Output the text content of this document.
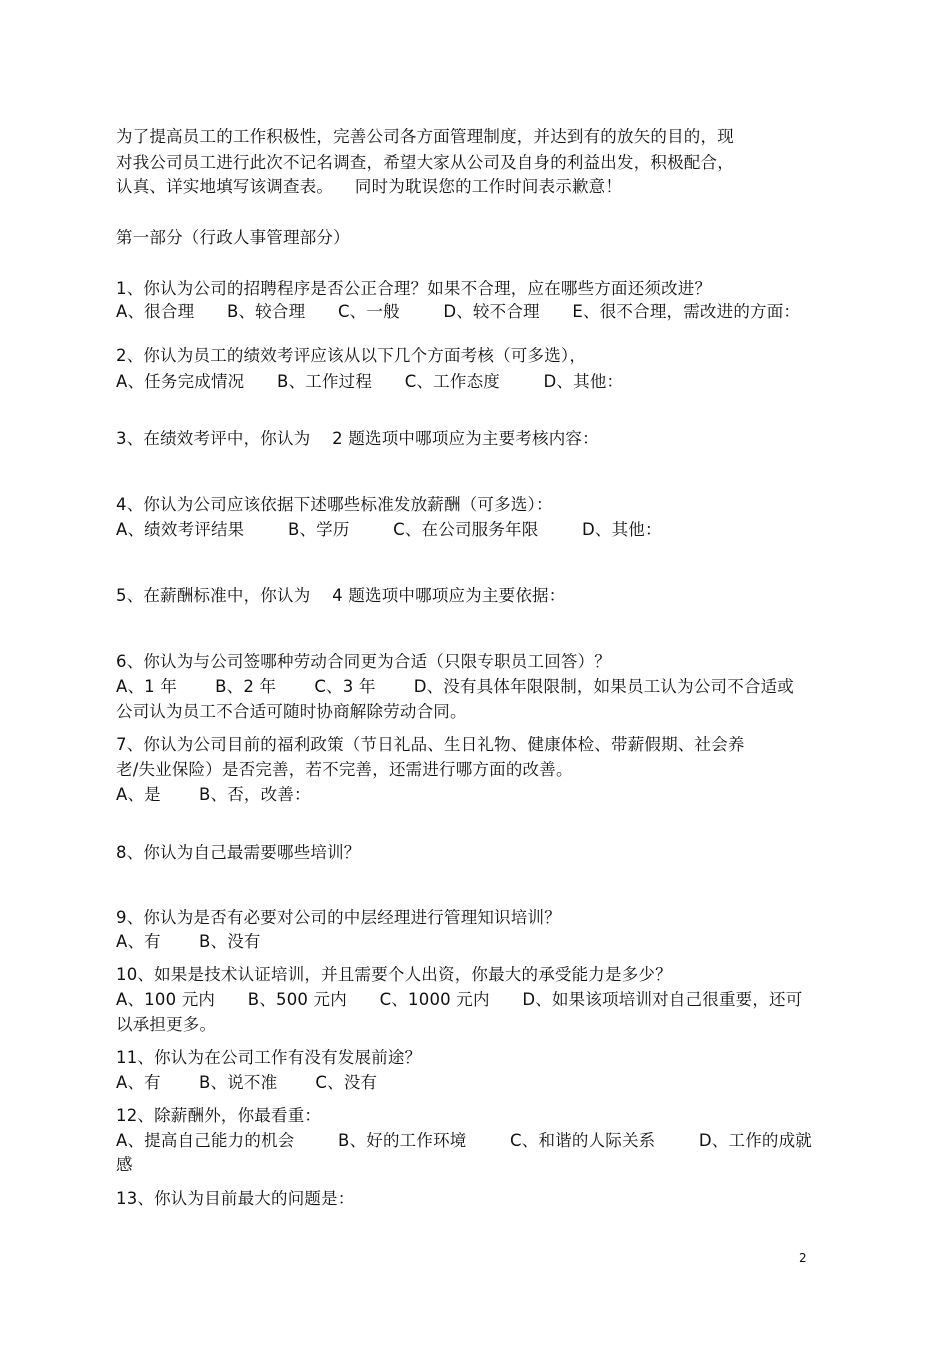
为了提高员工的工作积极性，完善公司各方面管理制度，并达到有的放矢的目的，现
对我公司员工进行此次不记名调查，希望大家从公司及自身的利益出发，积极配合，
认真、详实地填写该调查表。    同时为耽误您的工作时间表示歉意！
第一部分（行政人事管理部分）
1、你认为公司的招聘程序是否公正合理？如果不合理，应在哪些方面还须改进？
A、很合理      B、较合理      C、一般        D、较不合理      E、很不合理，需改进的方面：
2、你认为员工的绩效考评应该从以下几个方面考核（可多选），
A、任务完成情况      B、工作过程      C、工作态度        D、其他：
3、在绩效考评中，你认为    2 题选项中哪项应为主要考核内容：
4、你认为公司应该依据下述哪些标准发放薪酬（可多选）：
A、绩效考评结果        B、学历        C、在公司服务年限        D、其他：
5、在薪酬标准中，你认为    4 题选项中哪项应为主要依据：
6、你认为与公司签哪种劳动合同更为合适（只限专职员工回答）？
A、1 年       B、2 年       C、3 年       D、没有具体年限限制，如果员工认为公司不合适或
公司认为员工不合适可随时协商解除劳动合同。
7、你认为公司目前的福利政策（节日礼品、生日礼物、健康体检、带薪假期、社会养
老/失业保险）是否完善，若不完善，还需进行哪方面的改善。
A、是       B、否，改善：
8、你认为自己最需要哪些培训？
9、你认为是否有必要对公司的中层经理进行管理知识培训？
A、有       B、没有
10、如果是技术认证培训，并且需要个人出资，你最大的承受能力是多少？
A、100 元内      B、500 元内      C、1000 元内      D、如果该项培训对自己很重要，还可
以承担更多。
11、你认为在公司工作有没有发展前途？
A、有       B、说不准       C、没有
12、除薪酬外，你最看重：
A、提高自己能力的机会        B、好的工作环境        C、和谐的人际关系        D、工作的成就
感
13、你认为目前最大的问题是：
2
